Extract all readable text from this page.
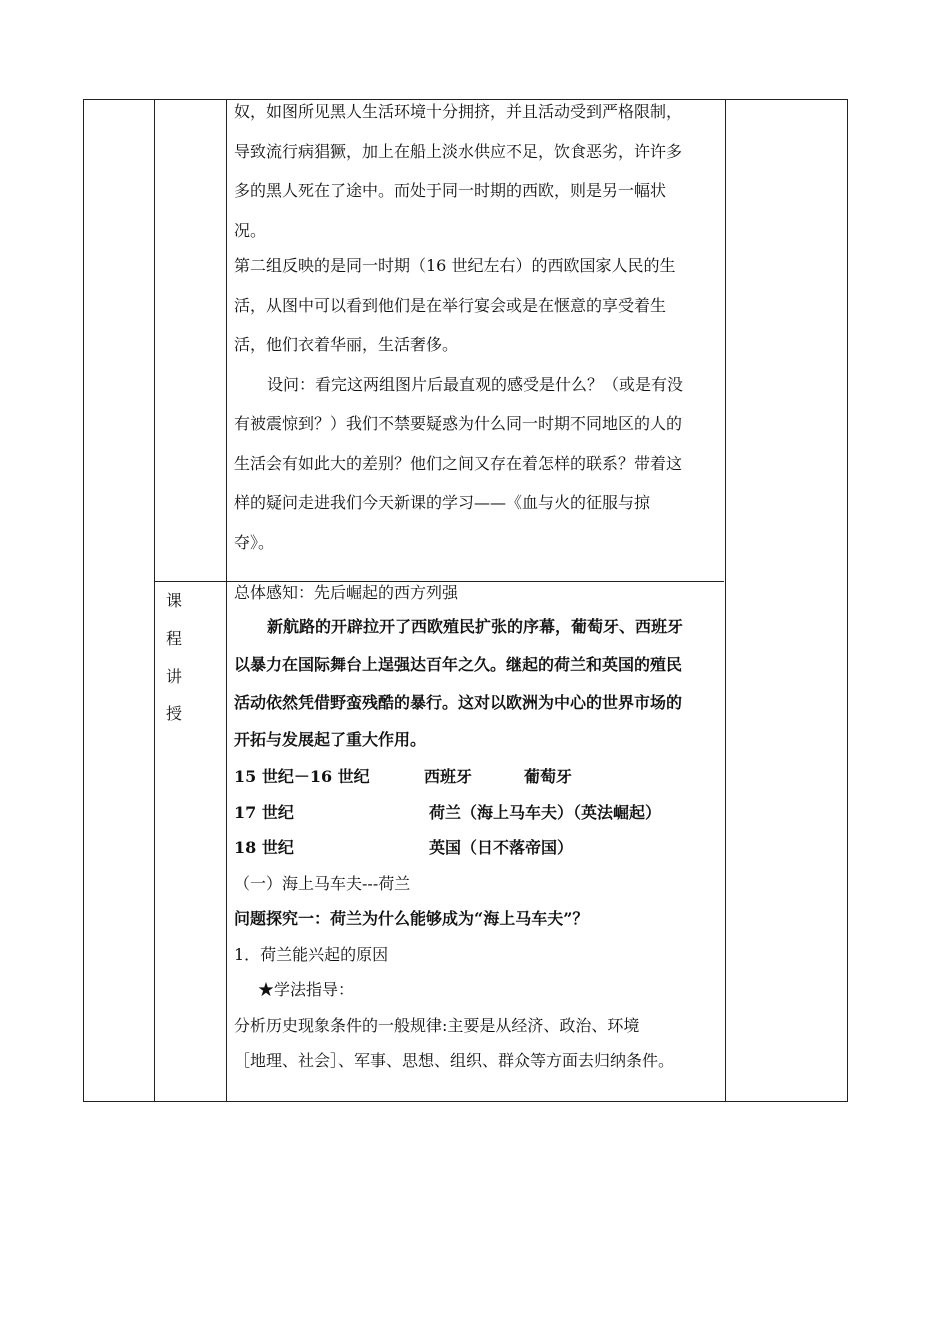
奴，如图所见黑人生活环境十分拥挤，并且活动受到严格限制，

导致流行病猖獗，加上在船上淡水供应不足，饮食恶劣，许许多

多的黑人死在了途中。而处于同一时期的西欧，则是另一幅状

况。

第二组反映的是同一时期（16 世纪左右）的西欧国家人民的生

活，从图中可以看到他们是在举行宴会或是在惬意的享受着生

活，他们衣着华丽，生活奢侈。

设问：看完这两组图片后最直观的感受是什么？（或是有没

有被震惊到？）我们不禁要疑惑为什么同一时期不同地区的人的

生活会有如此大的差别？他们之间又存在着怎样的联系？带着这

样的疑问走进我们今天新课的学习——《血与火的征服与掠

夺》。

课
程
讲
授

总体感知：先后崛起的西方列强

新航路的开辟拉开了西欧殖民扩张的序幕，葡萄牙、西班牙

以暴力在国际舞台上逞强达百年之久。继起的荷兰和英国的殖民

活动依然凭借野蛮残酷的暴行。这对以欧洲为中心的世界市场的

开拓与发展起了重大作用。

15 世纪－16 世纪	西班牙	葡萄牙
17 世纪	荷兰（海上马车夫）（英法崛起）
18 世纪	英国（日不落帝国）

（一）海上马车夫---荷兰

问题探究一：荷兰为什么能够成为“海上马车夫”？

1．荷兰能兴起的原因

★学法指导：

分析历史现象条件的一般规律:主要是从经济、政治、环境

［地理、社会］、军事、思想、组织、群众等方面去归纳条件。
